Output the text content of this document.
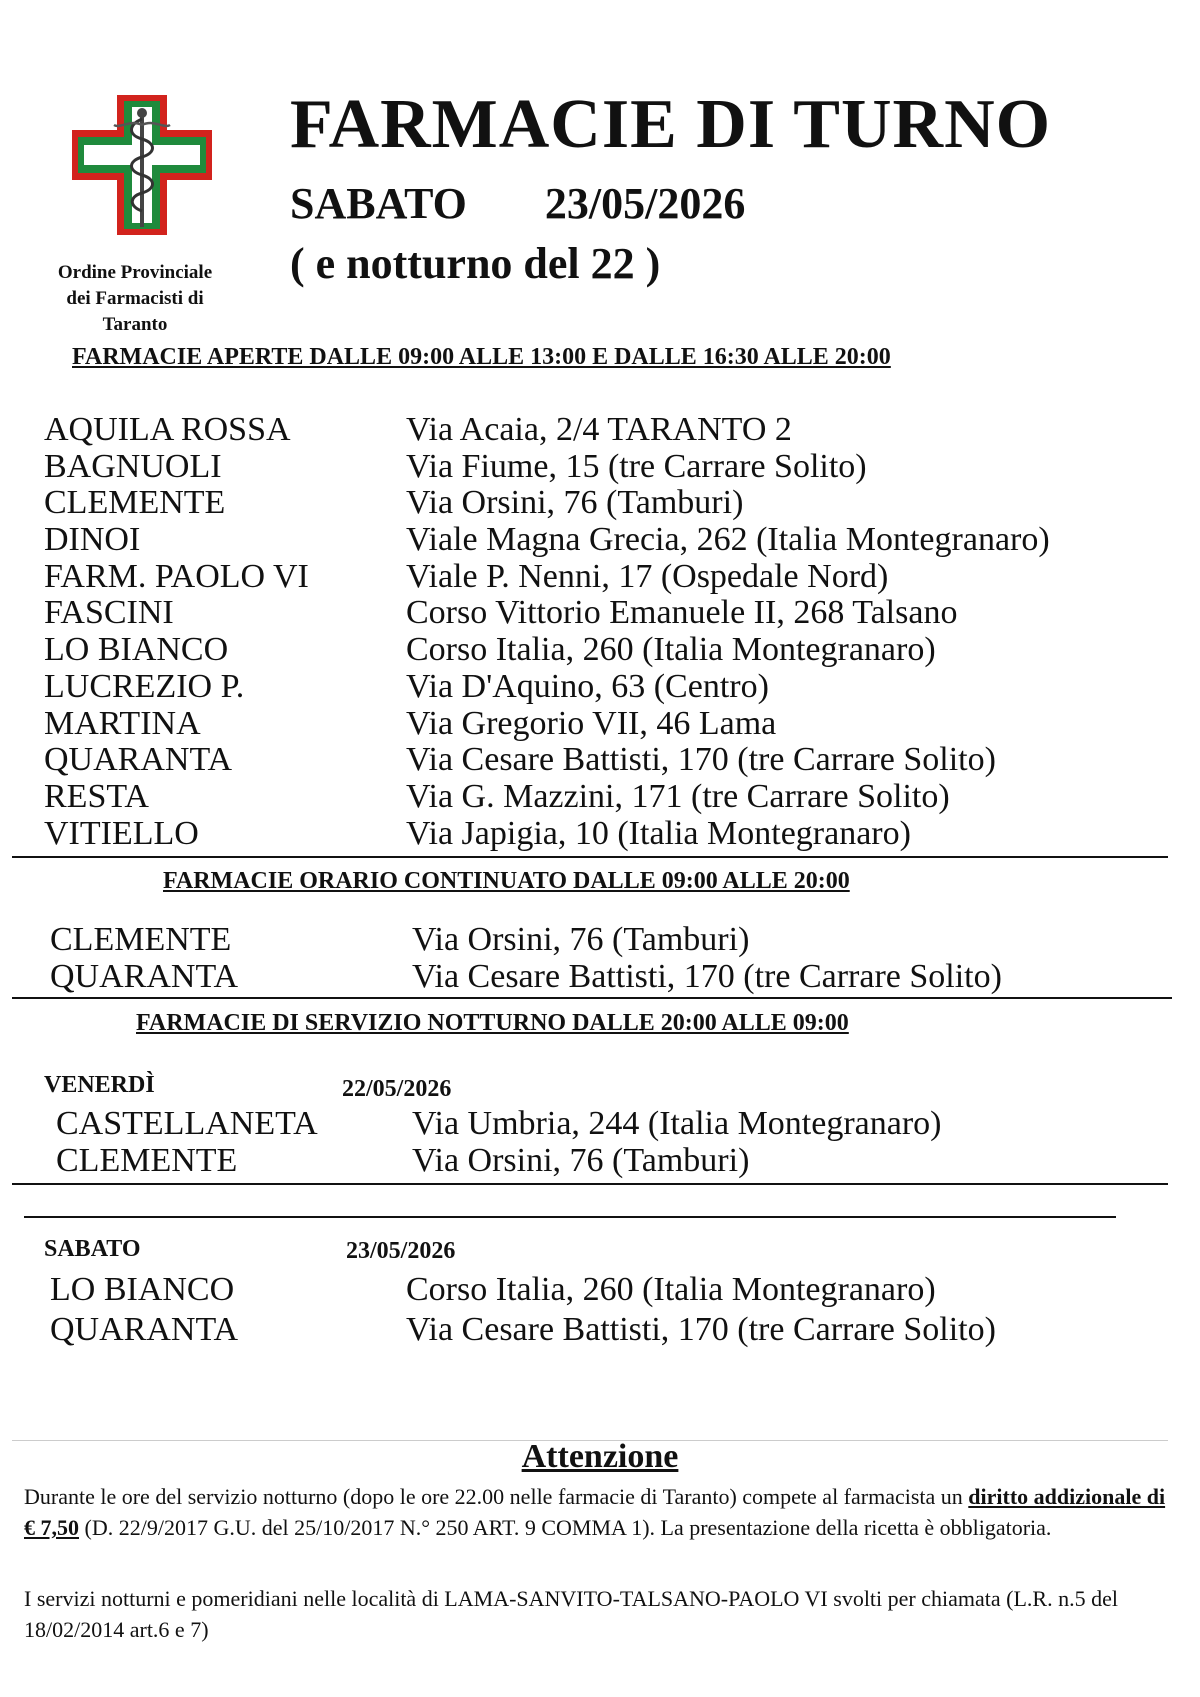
Ordine Provinciale
dei Farmacisti di
Taranto
FARMACIE DI TURNO
SABATO 23/05/2026
( e notturno del 22 )
FARMACIE APERTE DALLE 09:00 ALLE 13:00 E DALLE 16:30 ALLE 20:00
AQUILA ROSSA	Via Acaia, 2/4 TARANTO 2
BAGNUOLI	Via Fiume, 15 (tre Carrare Solito)
CLEMENTE	Via Orsini, 76 (Tamburi)
DINOI	Viale Magna Grecia, 262 (Italia Montegranaro)
FARM. PAOLO VI	Viale P. Nenni, 17 (Ospedale Nord)
FASCINI	Corso Vittorio Emanuele II, 268 Talsano
LO BIANCO	Corso Italia, 260 (Italia Montegranaro)
LUCREZIO P.	Via D'Aquino, 63 (Centro)
MARTINA	Via Gregorio VII, 46 Lama
QUARANTA	Via Cesare Battisti, 170 (tre Carrare Solito)
RESTA	Via G. Mazzini, 171 (tre Carrare Solito)
VITIELLO	Via Japigia, 10 (Italia Montegranaro)
FARMACIE ORARIO CONTINUATO DALLE 09:00 ALLE 20:00
CLEMENTE	Via Orsini, 76 (Tamburi)
QUARANTA	Via Cesare Battisti, 170 (tre Carrare Solito)
FARMACIE DI SERVIZIO NOTTURNO DALLE 20:00 ALLE 09:00
VENERDÌ	22/05/2026
CASTELLANETA	Via Umbria, 244 (Italia Montegranaro)
CLEMENTE	Via Orsini, 76 (Tamburi)
SABATO	23/05/2026
LO BIANCO	Corso Italia, 260 (Italia Montegranaro)
QUARANTA	Via Cesare Battisti, 170 (tre Carrare Solito)
Attenzione
Durante le ore del servizio notturno (dopo le ore 22.00 nelle farmacie di Taranto) compete al farmacista un diritto addizionale di € 7,50 (D. 22/9/2017 G.U. del 25/10/2017 N.° 250 ART. 9 COMMA 1). La presentazione della ricetta è obbligatoria.
I servizi notturni e pomeridiani nelle località di LAMA-SANVITO-TALSANO-PAOLO VI svolti per chiamata (L.R. n.5 del 18/02/2014 art.6 e 7)
